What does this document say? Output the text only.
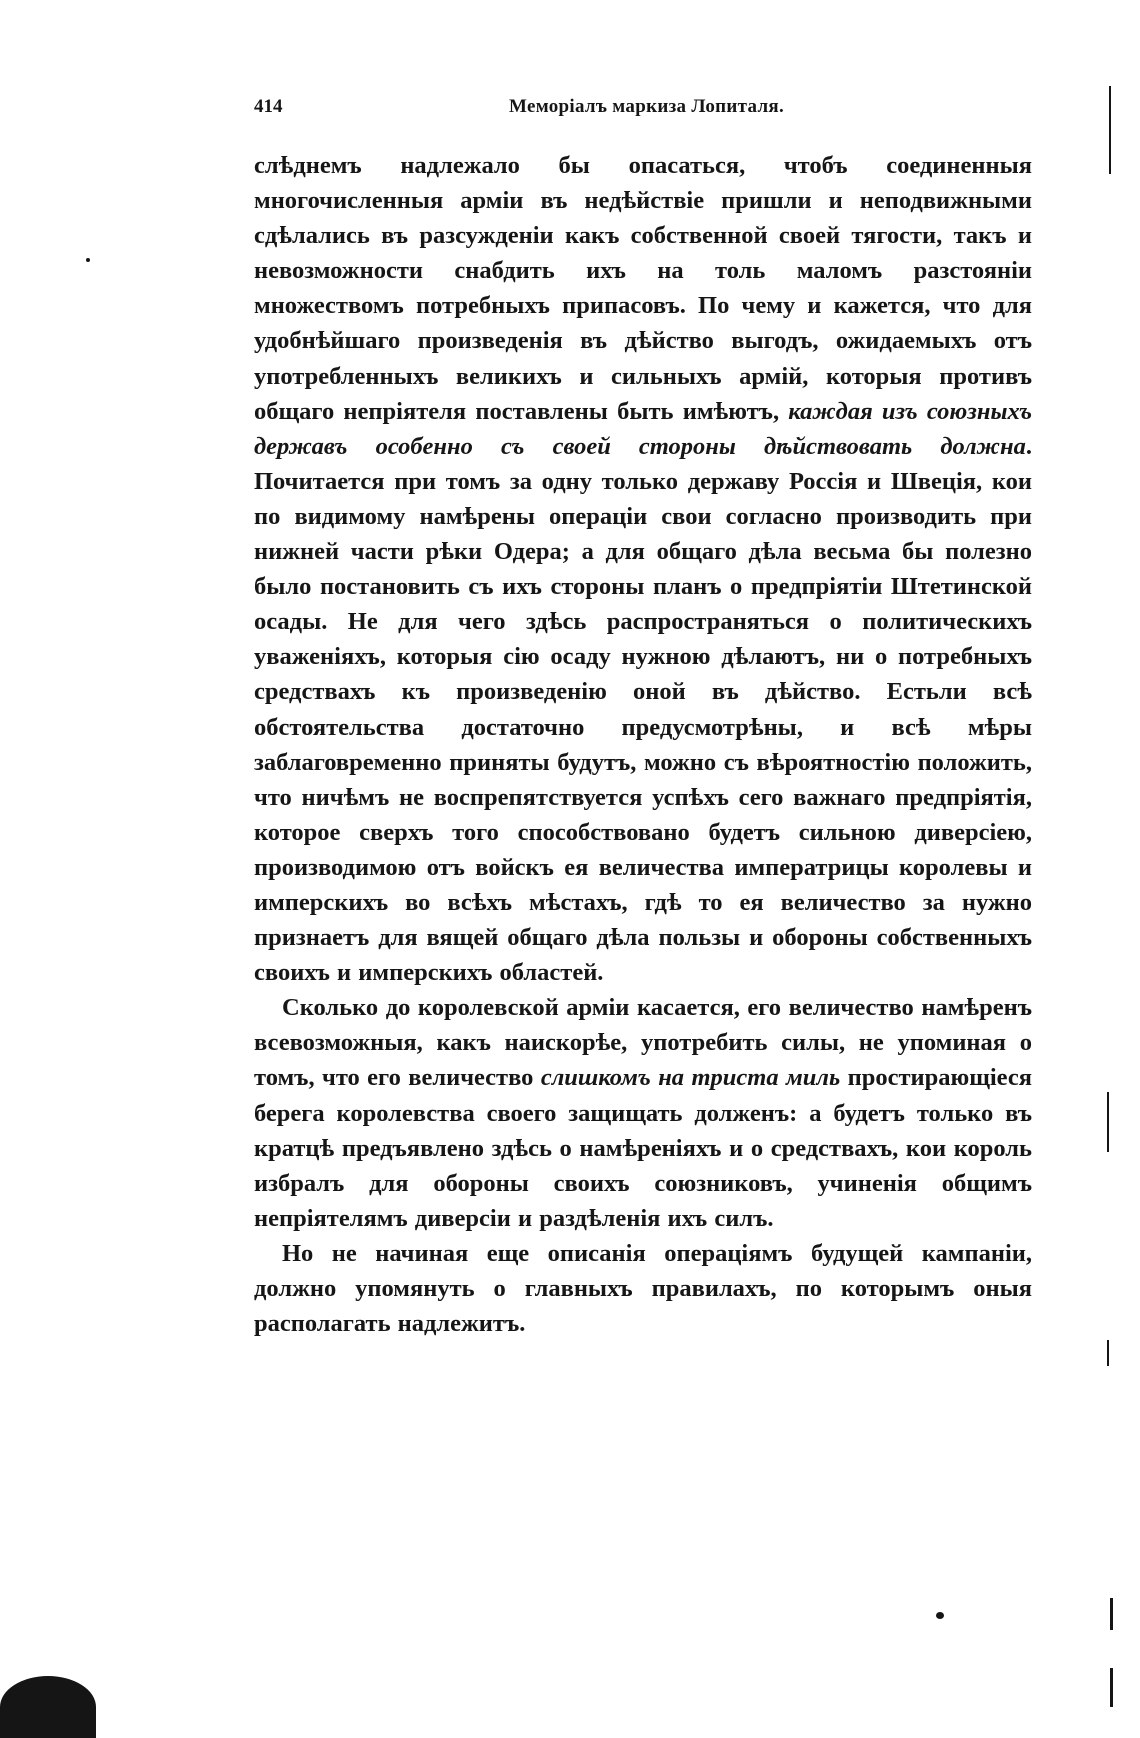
414	Меморіалъ маркиза Лопиталя.

слѣднемъ надлежало бы опасаться, чтобъ соединенныя многочисленныя арміи въ недѣйствіе пришли и неподвижными сдѣлались въ разсужденіи какъ собственной своей тягости, такъ и невозможности снабдить ихъ на толь маломъ разстояніи множествомъ потребныхъ припасовъ. По чему и кажется, что для удобнѣйшаго произведенія въ дѣйство выгодъ, ожидаемыхъ отъ употребленныхъ великихъ и сильныхъ армій, которыя противъ общаго непріятеля поставлены быть имѣютъ, каждая изъ союзныхъ державъ особенно съ своей стороны дѣйствовать должна. Почитается при томъ за одну только державу Россія и Швеція, кои по видимому намѣрены операціи свои согласно производить при нижней части рѣки Одера; а для общаго дѣла весьма бы полезно было постановить съ ихъ стороны планъ о предпріятіи Штетинской осады. Не для чего здѣсь распространяться о политическихъ уваженіяхъ, которыя сію осаду нужною дѣлаютъ, ни о потребныхъ средствахъ къ произведенію оной въ дѣйство. Естьли всѣ обстоятельства достаточно предусмотрѣны, и всѣ мѣры заблаговременно приняты будутъ, можно съ вѣроятностію положить, что ничѣмъ не воспрепятствуется успѣхъ сего важнаго предпріятія, которое сверхъ того способствовано будетъ сильною диверсіею, производимою отъ войскъ ея величества императрицы королевы и имперскихъ во всѣхъ мѣстахъ, гдѣ то ея величество за нужно признаетъ для вящей общаго дѣла пользы и обороны собственныхъ своихъ и имперскихъ областей.

Сколько до королевской арміи касается, его величество намѣренъ всевозможныя, какъ наискорѣе, употребить силы, не упоминая о томъ, что его величество слишкомъ на триста миль простирающіеся берега королевства своего защищать долженъ: а будетъ только въ кратцѣ предъявлено здѣсь о намѣреніяхъ и о средствахъ, кои король избралъ для обороны своихъ союзниковъ, учиненія общимъ непріятелямъ диверсіи и раздѣленія ихъ силъ.

Но не начиная еще описанія операціямъ будущей кампаніи, должно упомянуть о главныхъ правилахъ, по которымъ оныя располагать надлежитъ.
